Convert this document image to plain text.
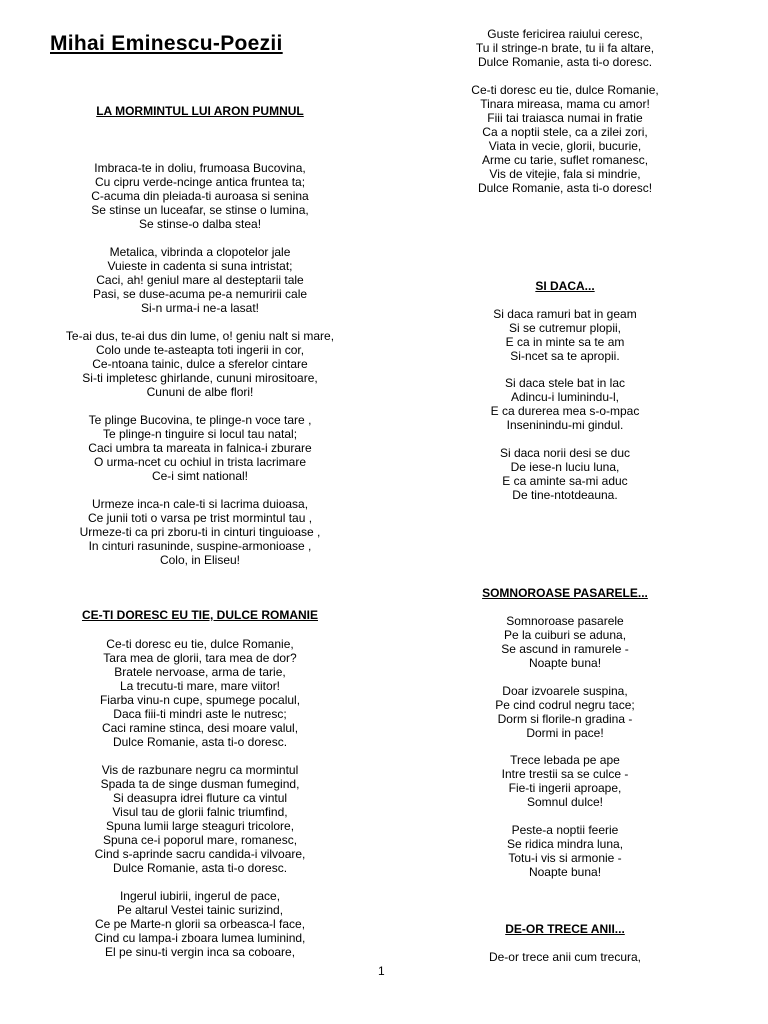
Mihai Eminescu-Poezii
LA MORMINTUL LUI ARON PUMNUL
Imbraca-te in doliu, frumoasa Bucovina,
Cu cipru verde-ncinge antica fruntea ta;
C-acuma din pleiada-ti auroasa si senina
Se stinse un luceafar, se stinse o lumina,
Se stinse-o dalba stea!
Metalica, vibrinda a clopotelor jale
Vuieste in cadenta si suna intristat;
Caci, ah! geniul mare al desteptarii tale
Pasi, se duse-acuma pe-a nemuririi cale
Si-n urma-i ne-a lasat!
Te-ai dus, te-ai dus din lume, o! geniu nalt si mare,
Colo unde te-asteapta toti ingerii in cor,
Ce-ntoana tainic, dulce a sferelor cintare
Si-ti impletesc ghirlande, cununi mirositoare,
Cununi de albe flori!
Te plinge Bucovina, te plinge-n voce tare ,
Te plinge-n tinguire si locul tau natal;
Caci umbra ta mareata in falnica-i zburare
O urma-ncet cu ochiul in trista lacrimare
Ce-i simt national!
Urmeze inca-n cale-ti si lacrima duioasa,
Ce junii toti o varsa pe trist mormintul tau ,
Urmeze-ti ca pri zboru-ti in cinturi tinguioase ,
In cinturi rasuninde, suspine-armonioase ,
Colo, in Eliseu!
CE-TI DORESC EU TIE, DULCE ROMANIE
Ce-ti doresc eu tie, dulce Romanie,
Tara mea de glorii, tara mea de dor?
Bratele nervoase, arma de tarie,
La trecutu-ti mare, mare viitor!
Fiarba vinu-n cupe, spumege pocalul,
Daca fiii-ti mindri aste le nutresc;
Caci ramine stinca, desi moare valul,
Dulce Romanie, asta ti-o doresc.
Vis de razbunare negru ca mormintul
Spada ta de singe dusman fumegind,
Si deasupra idrei fluture ca vintul
Visul tau de glorii falnic triumfind,
Spuna lumii large steaguri tricolore,
Spuna ce-i poporul mare, romanesc,
Cind s-aprinde sacru candida-i vilvoare,
Dulce Romanie, asta ti-o doresc.
Ingerul iubirii, ingerul de pace,
Pe altarul Vestei tainic surizind,
Ce pe Marte-n glorii sa orbeasca-l face,
Cind cu lampa-i zboara lumea luminind,
El pe sinu-ti vergin inca sa coboare,
Guste fericirea raiului ceresc,
Tu il stringe-n brate, tu ii fa altare,
Dulce Romanie, asta ti-o doresc.
Ce-ti doresc eu tie, dulce Romanie,
Tinara mireasa, mama cu amor!
Fiii tai traiasca numai in fratie
Ca a noptii stele, ca a zilei zori,
Viata in vecie, glorii, bucurie,
Arme cu tarie, suflet romanesc,
Vis de vitejie, fala si mindrie,
Dulce Romanie, asta ti-o doresc!
SI DACA...
Si daca ramuri bat in geam
Si se cutremur plopii,
E ca in minte sa te am
Si-ncet sa te apropii.
Si daca stele bat in lac
Adincu-i luminindu-l,
E ca durerea mea s-o-mpac
Inseninindu-mi gindul.
Si daca norii desi se duc
De iese-n luciu luna,
E ca aminte sa-mi aduc
De tine-ntotdeauna.
SOMNOROASE PASARELE...
Somnoroase pasarele
Pe la cuiburi se aduna,
Se ascund in ramurele -
Noapte buna!
Doar izvoarele suspina,
Pe cind codrul negru tace;
Dorm si florile-n gradina -
Dormi in pace!
Trece lebada pe ape
Intre trestii sa se culce -
Fie-ti ingerii aproape,
Somnul dulce!
Peste-a noptii feerie
Se ridica mindra luna,
Totu-i vis si armonie -
Noapte buna!
DE-OR TRECE ANII...
De-or trece anii cum trecura,
1
